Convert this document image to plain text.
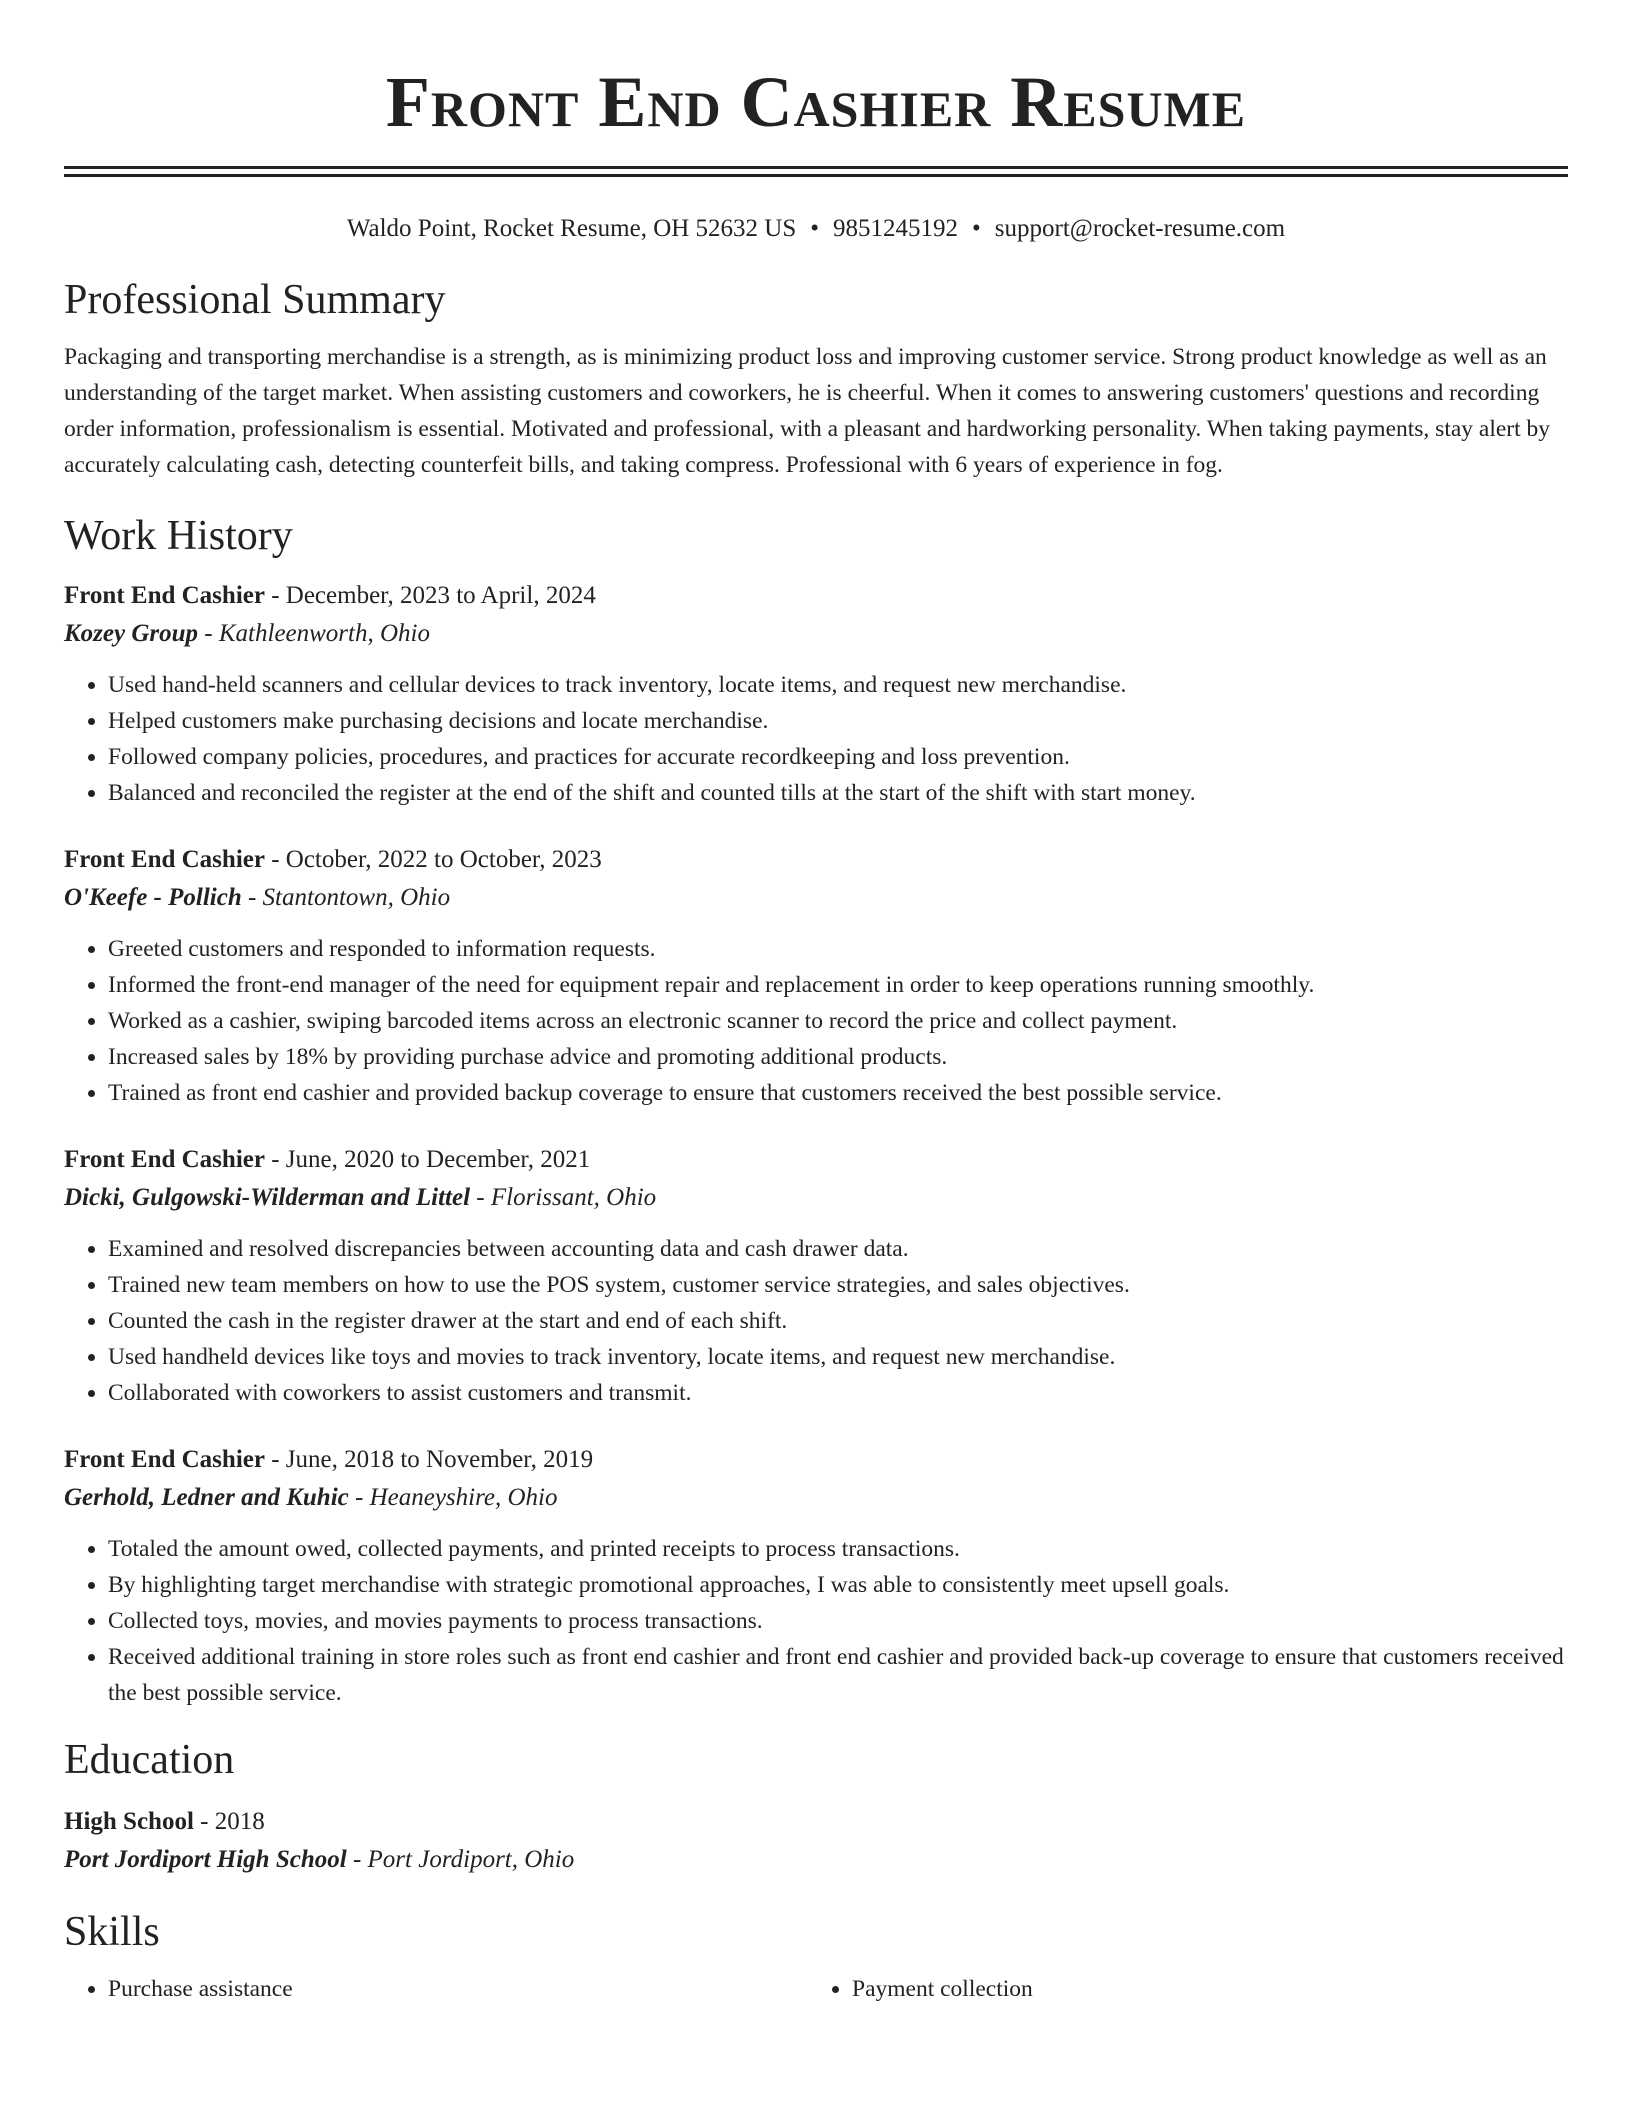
Front End Cashier Resume
Waldo Point, Rocket Resume, OH 52632 US • 9851245192 • support@rocket-resume.com
Professional Summary
Packaging and transporting merchandise is a strength, as is minimizing product loss and improving customer service. Strong product knowledge as well as an understanding of the target market. When assisting customers and coworkers, he is cheerful. When it comes to answering customers' questions and recording order information, professionalism is essential. Motivated and professional, with a pleasant and hardworking personality. When taking payments, stay alert by accurately calculating cash, detecting counterfeit bills, and taking compress. Professional with 6 years of experience in fog.
Work History
Front End Cashier - December, 2023 to April, 2024
Kozey Group - Kathleenworth, Ohio
• Used hand-held scanners and cellular devices to track inventory, locate items, and request new merchandise.
• Helped customers make purchasing decisions and locate merchandise.
• Followed company policies, procedures, and practices for accurate recordkeeping and loss prevention.
• Balanced and reconciled the register at the end of the shift and counted tills at the start of the shift with start money.
Front End Cashier - October, 2022 to October, 2023
O'Keefe - Pollich - Stantontown, Ohio
• Greeted customers and responded to information requests.
• Informed the front-end manager of the need for equipment repair and replacement in order to keep operations running smoothly.
• Worked as a cashier, swiping barcoded items across an electronic scanner to record the price and collect payment.
• Increased sales by 18% by providing purchase advice and promoting additional products.
• Trained as front end cashier and provided backup coverage to ensure that customers received the best possible service.
Front End Cashier - June, 2020 to December, 2021
Dicki, Gulgowski-Wilderman and Littel - Florissant, Ohio
• Examined and resolved discrepancies between accounting data and cash drawer data.
• Trained new team members on how to use the POS system, customer service strategies, and sales objectives.
• Counted the cash in the register drawer at the start and end of each shift.
• Used handheld devices like toys and movies to track inventory, locate items, and request new merchandise.
• Collaborated with coworkers to assist customers and transmit.
Front End Cashier - June, 2018 to November, 2019
Gerhold, Ledner and Kuhic - Heaneyshire, Ohio
• Totaled the amount owed, collected payments, and printed receipts to process transactions.
• By highlighting target merchandise with strategic promotional approaches, I was able to consistently meet upsell goals.
• Collected toys, movies, and movies payments to process transactions.
• Received additional training in store roles such as front end cashier and front end cashier and provided back-up coverage to ensure that customers received the best possible service.
Education
High School - 2018
Port Jordiport High School - Port Jordiport, Ohio
Skills
• Purchase assistance
•	Payment collection
